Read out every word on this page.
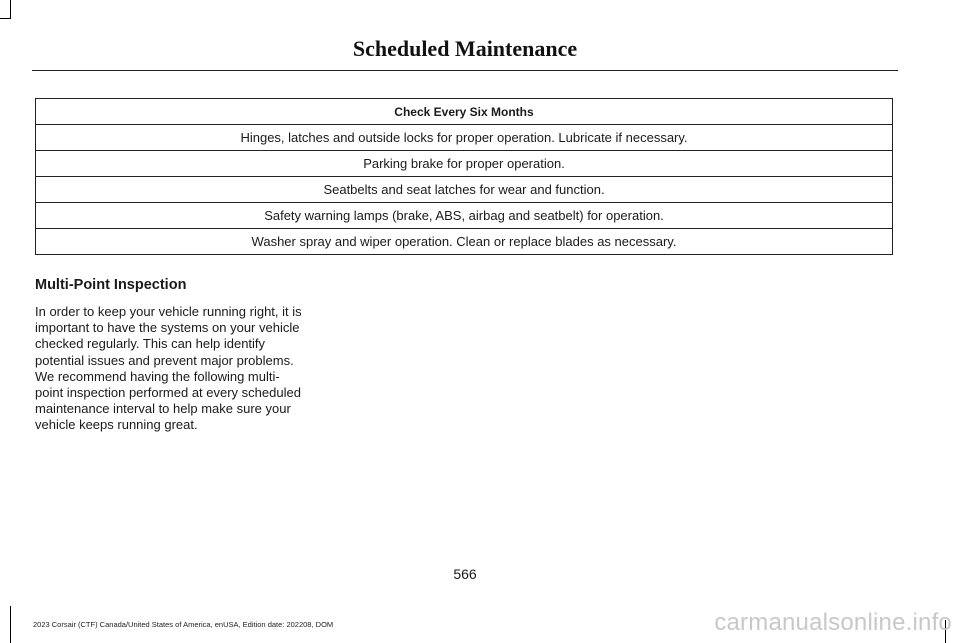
Scheduled Maintenance
Check Every Six Months
Hinges, latches and outside locks for proper operation. Lubricate if necessary.
Parking brake for proper operation.
Seatbelts and seat latches for wear and function.
Safety warning lamps (brake, ABS, airbag and seatbelt) for operation.
Washer spray and wiper operation. Clean or replace blades as necessary.
Multi-Point Inspection

In order to keep your vehicle running right, it is important to have the systems on your vehicle checked regularly. This can help identify potential issues and prevent major problems. We recommend having the following multi-point inspection performed at every scheduled maintenance interval to help make sure your vehicle keeps running great.

566
2023 Corsair (CTF) Canada/United States of America, enUSA, Edition date: 202208, DOM	carmanualsonline.info
